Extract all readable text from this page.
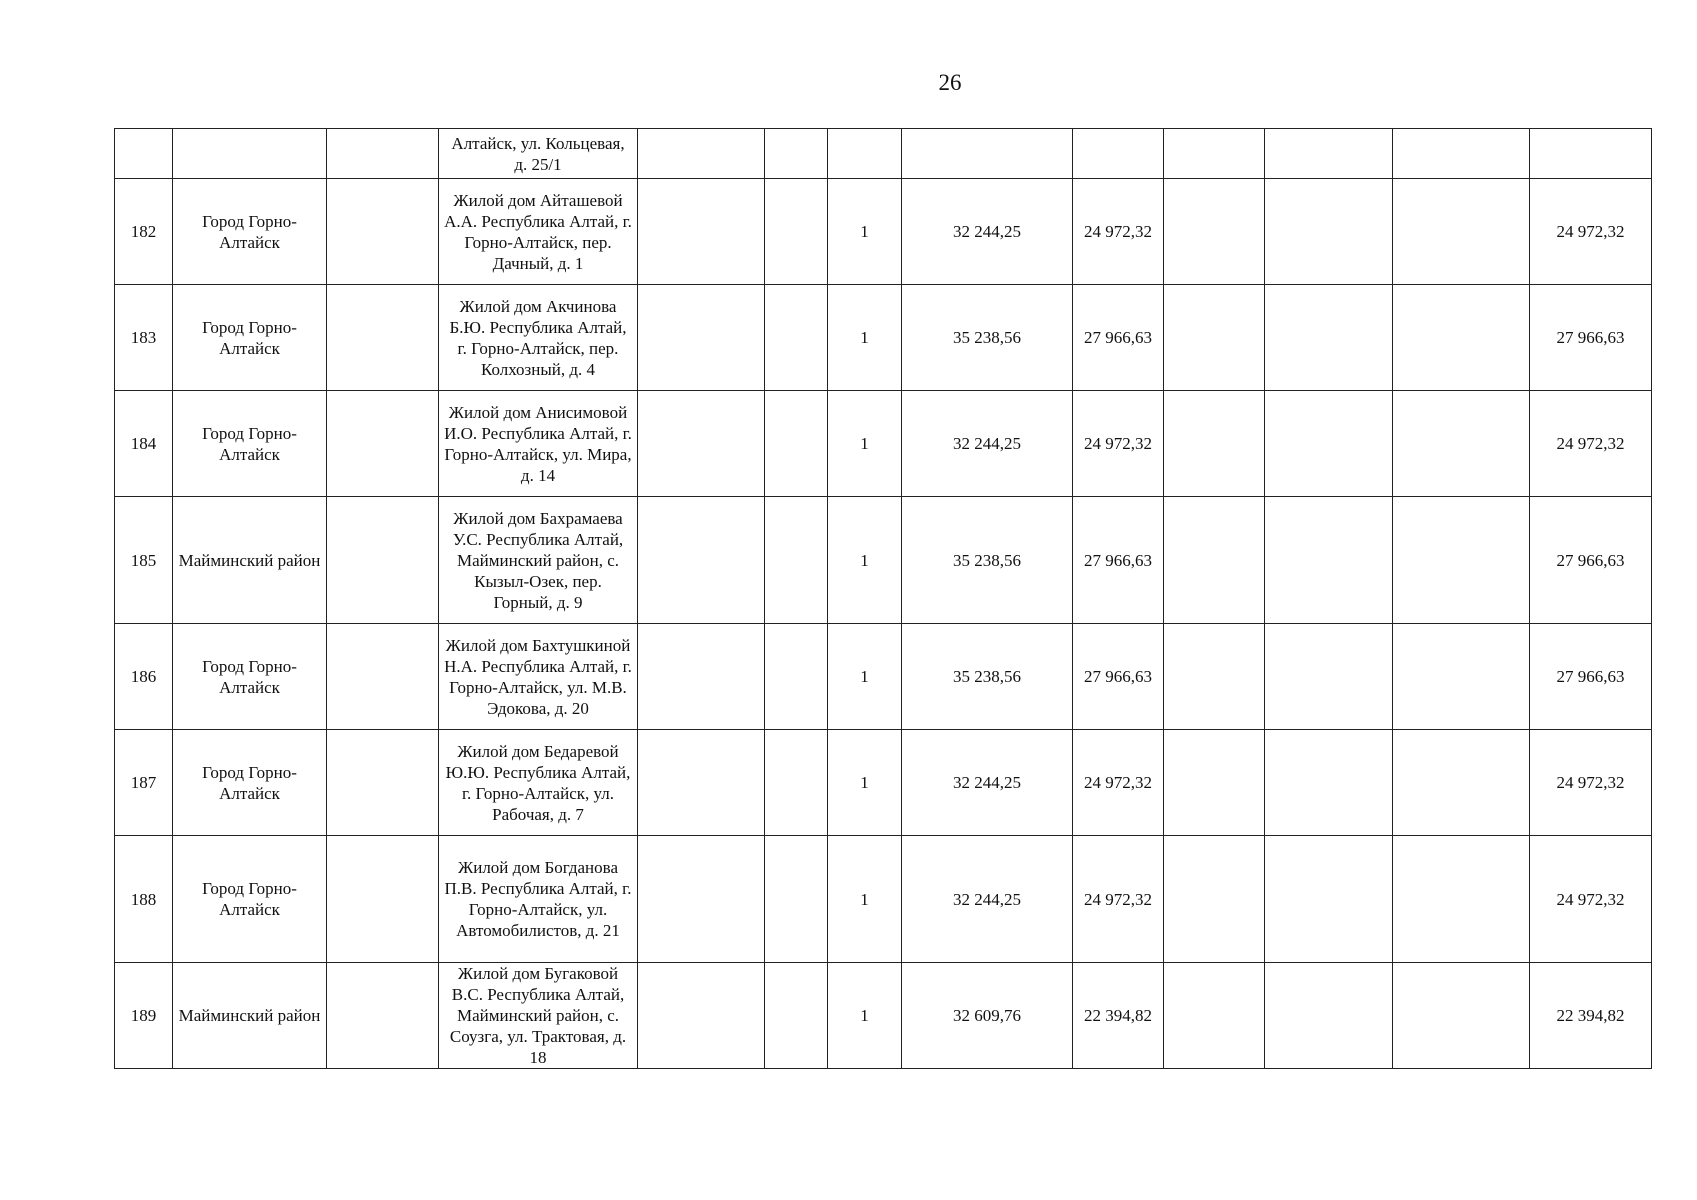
26
			Алтайск, ул. Кольцевая, д. 25/1									
182	Город Горно-Алтайск		Жилой дом Айташевой А.А. Республика Алтай, г. Горно-Алтайск, пер. Дачный, д. 1			1	32 244,25	24 972,32				24 972,32
183	Город Горно-Алтайск		Жилой дом Акчинова Б.Ю. Республика Алтай, г. Горно-Алтайск, пер. Колхозный, д. 4			1	35 238,56	27 966,63				27 966,63
184	Город Горно-Алтайск		Жилой дом Анисимовой И.О. Республика Алтай, г. Горно-Алтайск, ул. Мира, д. 14			1	32 244,25	24 972,32				24 972,32
185	Майминский район		Жилой дом Бахрамаева У.С. Республика Алтай, Майминский район, с. Кызыл-Озек, пер. Горный, д. 9			1	35 238,56	27 966,63				27 966,63
186	Город Горно-Алтайск		Жилой дом Бахтушкиной Н.А. Республика Алтай, г. Горно-Алтайск, ул. М.В. Эдокова, д. 20			1	35 238,56	27 966,63				27 966,63
187	Город Горно-Алтайск		Жилой дом Бедаревой Ю.Ю. Республика Алтай, г. Горно-Алтайск, ул. Рабочая, д. 7			1	32 244,25	24 972,32				24 972,32
188	Город Горно-Алтайск		Жилой дом Богданова П.В. Республика Алтай, г. Горно-Алтайск, ул. Автомобилистов, д. 21			1	32 244,25	24 972,32				24 972,32
189	Майминский район		Жилой дом Бугаковой В.С. Республика Алтай, Майминский район, с. Соузга, ул. Трактовая, д. 18			1	32 609,76	22 394,82				22 394,82
